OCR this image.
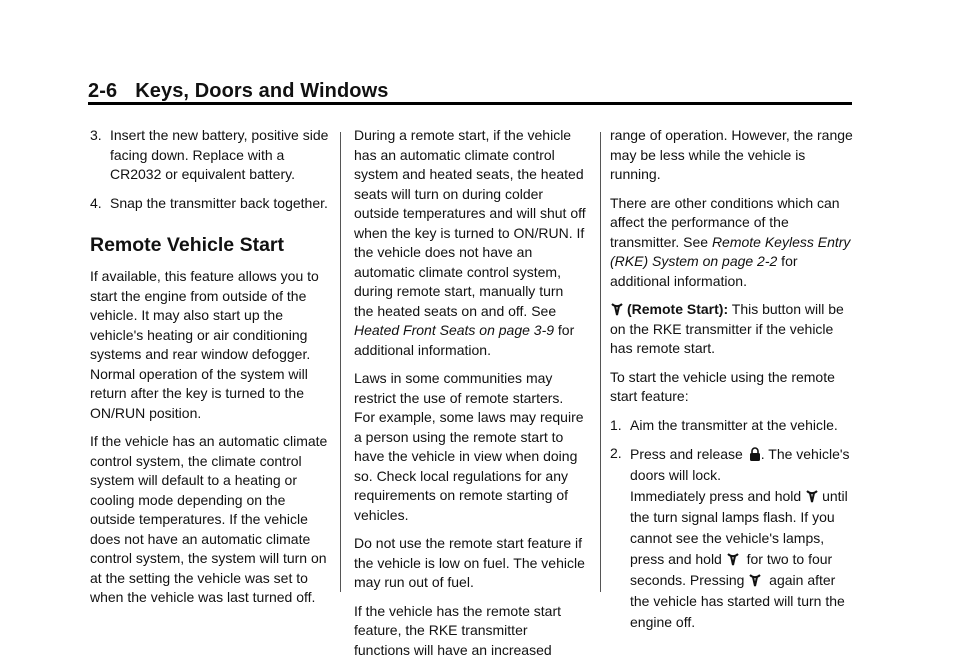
2-6 Keys, Doors and Windows
3. Insert the new battery, positive side facing down. Replace with a CR2032 or equivalent battery.
4. Snap the transmitter back together.
Remote Vehicle Start

If available, this feature allows you to start the engine from outside of the vehicle. It may also start up the vehicle's heating or air conditioning systems and rear window defogger. Normal operation of the system will return after the key is turned to the ON/RUN position.

If the vehicle has an automatic climate control system, the climate control system will default to a heating or cooling mode depending on the outside temperatures. If the vehicle does not have an automatic climate control system, the system will turn on at the setting the vehicle was set to when the vehicle was last turned off.

During a remote start, if the vehicle has an automatic climate control system and heated seats, the heated seats will turn on during colder outside temperatures and will shut off when the key is turned to ON/RUN. If the vehicle does not have an automatic climate control system, during remote start, manually turn the heated seats on and off. See Heated Front Seats on page 3-9 for additional information.

Laws in some communities may restrict the use of remote starters. For example, some laws may require a person using the remote start to have the vehicle in view when doing so. Check local regulations for any requirements on remote starting of vehicles.

Do not use the remote start feature if the vehicle is low on fuel. The vehicle may run out of fuel.

If the vehicle has the remote start feature, the RKE transmitter functions will have an increased

range of operation. However, the range may be less while the vehicle is running.

There are other conditions which can affect the performance of the transmitter. See Remote Keyless Entry (RKE) System on page 2-2 for additional information.

(Remote Start): This button will be on the RKE transmitter if the vehicle has remote start.

To start the vehicle using the remote start feature:

1. Aim the transmitter at the vehicle.
2. Press and release . The vehicle's doors will lock.
Immediately press and hold until the turn signal lamps flash. If you cannot see the vehicle's lamps, press and hold  for two to four seconds. Pressing  again after the vehicle has started will turn the engine off.
